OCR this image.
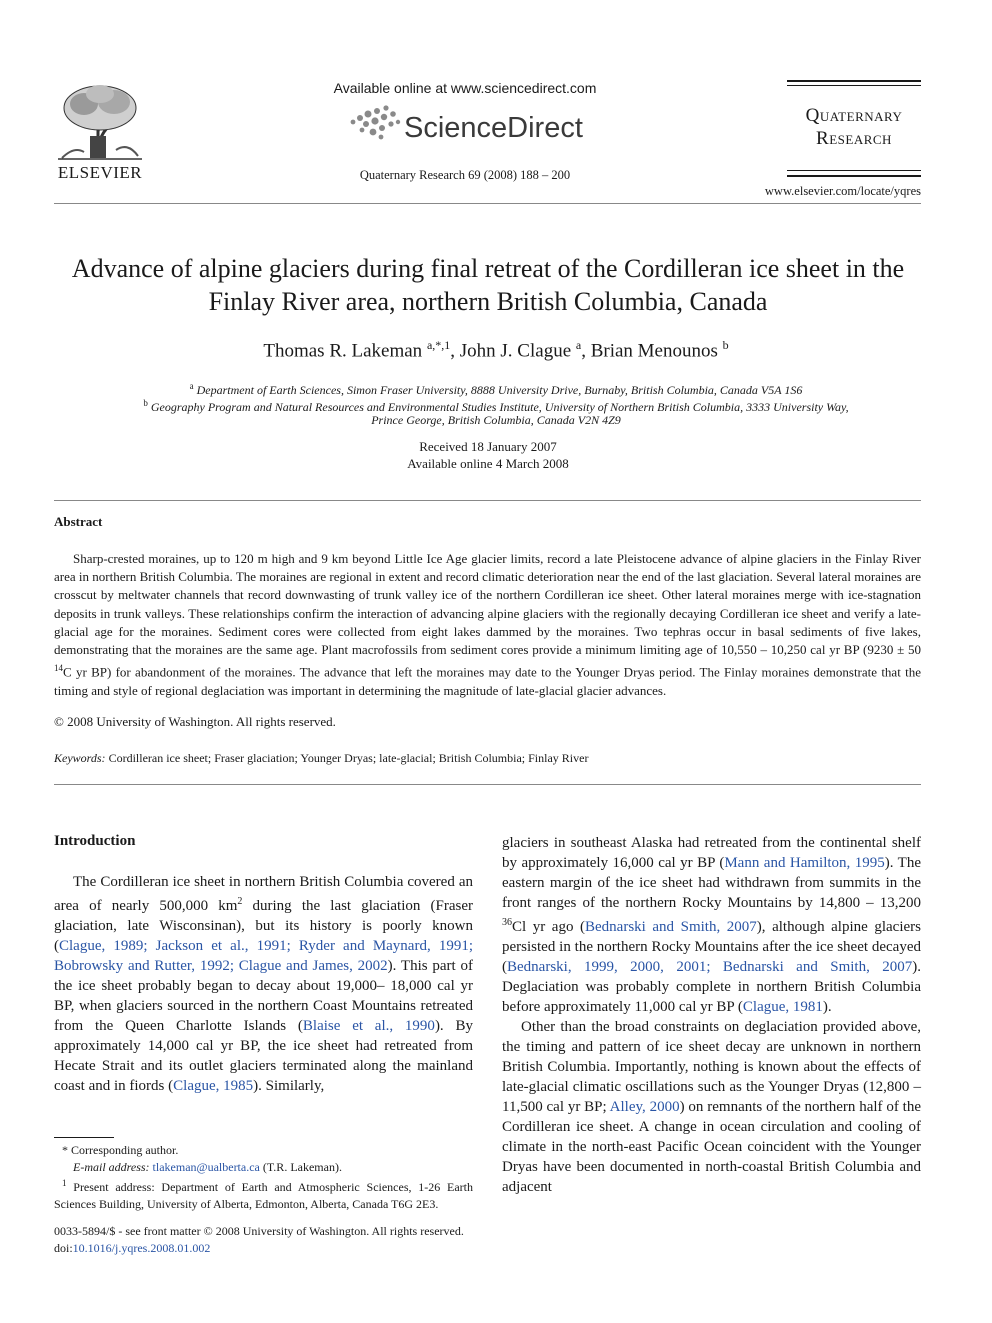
ELSEVIER
Available online at www.sciencedirect.com
ScienceDirect
Quaternary Research 69 (2008) 188 – 200
Quaternary
Research
www.elsevier.com/locate/yqres
Advance of alpine glaciers during final retreat of the Cordilleran ice sheet in the Finlay River area, northern British Columbia, Canada
Thomas R. Lakeman $^{a,*,1}$, John J. Clague $^a$, Brian Menounos $^b$
$^a$ Department of Earth Sciences, Simon Fraser University, 8888 University Drive, Burnaby, British Columbia, Canada V5A 1S6
$^b$ Geography Program and Natural Resources and Environmental Studies Institute, University of Northern British Columbia, 3333 University Way,
Prince George, British Columbia, Canada V2N 4Z9
Received 18 January 2007
Available online 4 March 2008
Abstract
Sharp-crested moraines, up to 120 m high and 9 km beyond Little Ice Age glacier limits, record a late Pleistocene advance of alpine glaciers in the Finlay River area in northern British Columbia. The moraines are regional in extent and record climatic deterioration near the end of the last glaciation. Several lateral moraines are crosscut by meltwater channels that record downwasting of trunk valley ice of the northern Cordilleran ice sheet. Other lateral moraines merge with ice-stagnation deposits in trunk valleys. These relationships confirm the interaction of advancing alpine glaciers with the regionally decaying Cordilleran ice sheet and verify a late-glacial age for the moraines. Sediment cores were collected from eight lakes dammed by the moraines. Two tephras occur in basal sediments of five lakes, demonstrating that the moraines are the same age. Plant macrofossils from sediment cores provide a minimum limiting age of 10,550 – 10,250 cal yr BP (9230 ± 50 $^{14}$C yr BP) for abandonment of the moraines. The advance that left the moraines may date to the Younger Dryas period. The Finlay moraines demonstrate that the timing and style of regional deglaciation was important in determining the magnitude of late-glacial glacier advances.
© 2008 University of Washington. All rights reserved.
Keywords: Cordilleran ice sheet; Fraser glaciation; Younger Dryas; late-glacial; British Columbia; Finlay River
Introduction
The Cordilleran ice sheet in northern British Columbia covered an area of nearly 500,000 $km^2$ during the last glaciation (Fraser glaciation, late Wisconsinan), but its history is poorly known (Clague, 1989; Jackson et al., 1991; Ryder and Maynard, 1991; Bobrowsky and Rutter, 1992; Clague and James, 2002). This part of the ice sheet probably began to decay about 19,000– 18,000 cal yr BP, when glaciers sourced in the northern Coast Mountains retreated from the Queen Charlotte Islands (Blaise et al., 1990). By approximately 14,000 cal yr BP, the ice sheet had retreated from Hecate Strait and its outlet glaciers terminated along the mainland coast and in fiords (Clague, 1985). Similarly,

glaciers in southeast Alaska had retreated from the continental shelf by approximately 16,000 cal yr BP (Mann and Hamilton, 1995). The eastern margin of the ice sheet had withdrawn from summits in the front ranges of the northern Rocky Mountains by 14,800 – 13,200 $^{36}$Cl yr ago (Bednarski and Smith, 2007), although alpine glaciers persisted in the northern Rocky Mountains after the ice sheet decayed (Bednarski, 1999, 2000, 2001; Bednarski and Smith, 2007). Deglaciation was probably complete in northern British Columbia before approximately 11,000 cal yr BP (Clague, 1981).

Other than the broad constraints on deglaciation provided above, the timing and pattern of ice sheet decay are unknown in northern British Columbia. Importantly, nothing is known about the effects of late-glacial climatic oscillations such as the Younger Dryas (12,800 – 11,500 cal yr BP; Alley, 2000) on remnants of the northern half of the Cordilleran ice sheet. A change in ocean circulation and cooling of climate in the north-east Pacific Ocean coincident with the Younger Dryas have been documented in north-coastal British Columbia and adjacent

* Corresponding author.

E-mail address: tlakeman@ualberta.ca (T.R. Lakeman).

$^1$ Present address: Department of Earth and Atmospheric Sciences, 1-26 Earth Sciences Building, University of Alberta, Edmonton, Alberta, Canada T6G 2E3.

0033-5894/$ - see front matter © 2008 University of Washington. All rights reserved.
doi:10.1016/j.yqres.2008.01.002
